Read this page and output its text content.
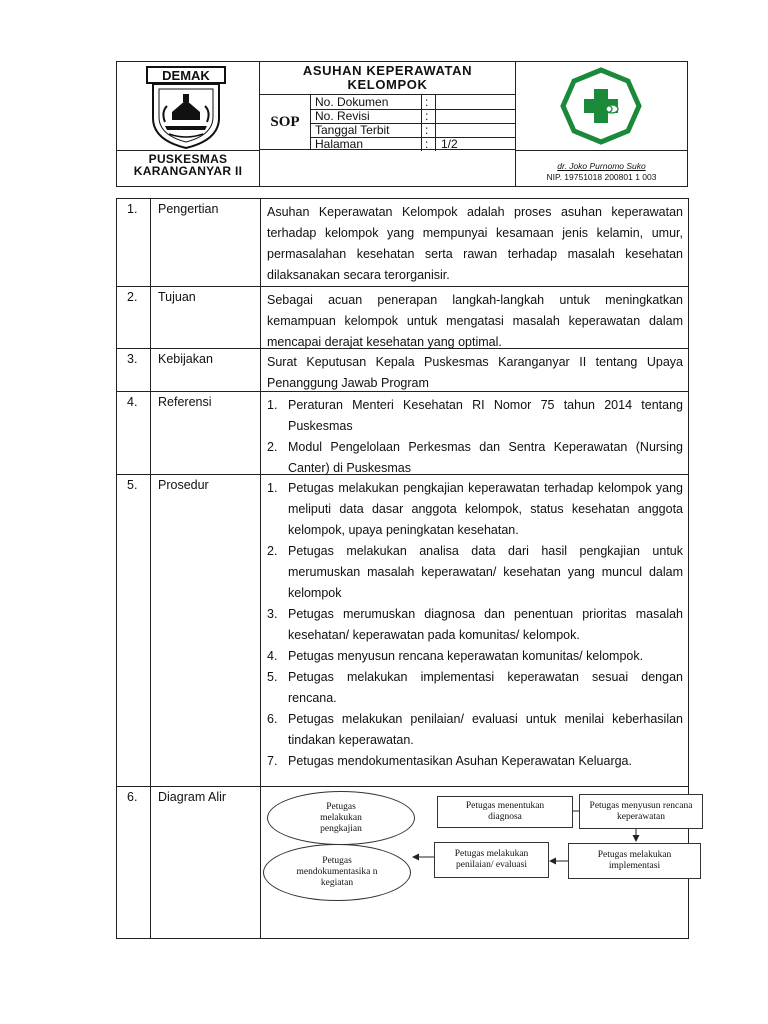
DEMAK
PUSKESMAS
KARANGANYAR II
ASUHAN KEPERAWATAN
KELOMPOK
SOP
No. Dokumen	:
No. Revisi	:
Tanggal Terbit	:
Halaman	: 1/2
dr. Joko Purnomo Suko
NIP. 19751018 200801 1 003
1. Pengertian	Asuhan Keperawatan Kelompok adalah proses asuhan keperawatan terhadap kelompok yang mempunyai kesamaan jenis kelamin, umur, permasalahan kesehatan serta rawan terhadap masalah kesehatan dilaksanakan secara terorganisir.
2. Tujuan	Sebagai acuan penerapan langkah-langkah untuk meningkatkan kemampuan kelompok untuk mengatasi masalah keperawatan dalam mencapai derajat kesehatan yang optimal.
3. Kebijakan	Surat Keputusan Kepala Puskesmas Karanganyar II tentang Upaya Penanggung Jawab Program
4. Referensi	1. Peraturan Menteri Kesehatan RI Nomor 75 tahun 2014 tentang Puskesmas
2. Modul Pengelolaan Perkesmas dan Sentra Keperawatan (Nursing Canter) di Puskesmas
5. Prosedur	1. Petugas melakukan pengkajian keperawatan terhadap kelompok yang meliputi data dasar anggota kelompok, status kesehatan anggota kelompok, upaya peningkatan kesehatan.
2. Petugas melakukan analisa data dari hasil pengkajian untuk merumuskan masalah keperawatan/ kesehatan yang muncul dalam kelompok
3. Petugas merumuskan diagnosa dan penentuan prioritas masalah kesehatan/ keperawatan pada komunitas/ kelompok.
4. Petugas menyusun rencana keperawatan komunitas/ kelompok.
5. Petugas melakukan implementasi keperawatan sesuai dengan rencana.
6. Petugas melakukan penilaian/ evaluasi untuk menilai keberhasilan tindakan keperawatan.
7. Petugas mendokumentasikan Asuhan Keperawatan Keluarga.
6. Diagram Alir
Petugas melakukan pengkajian
Petugas menentukan diagnosa
Petugas menyusun rencana keperawatan
Petugas melakukan implementasi
Petugas melakukan penilaian/ evaluasi
Petugas mendokumentasika n kegiatan
